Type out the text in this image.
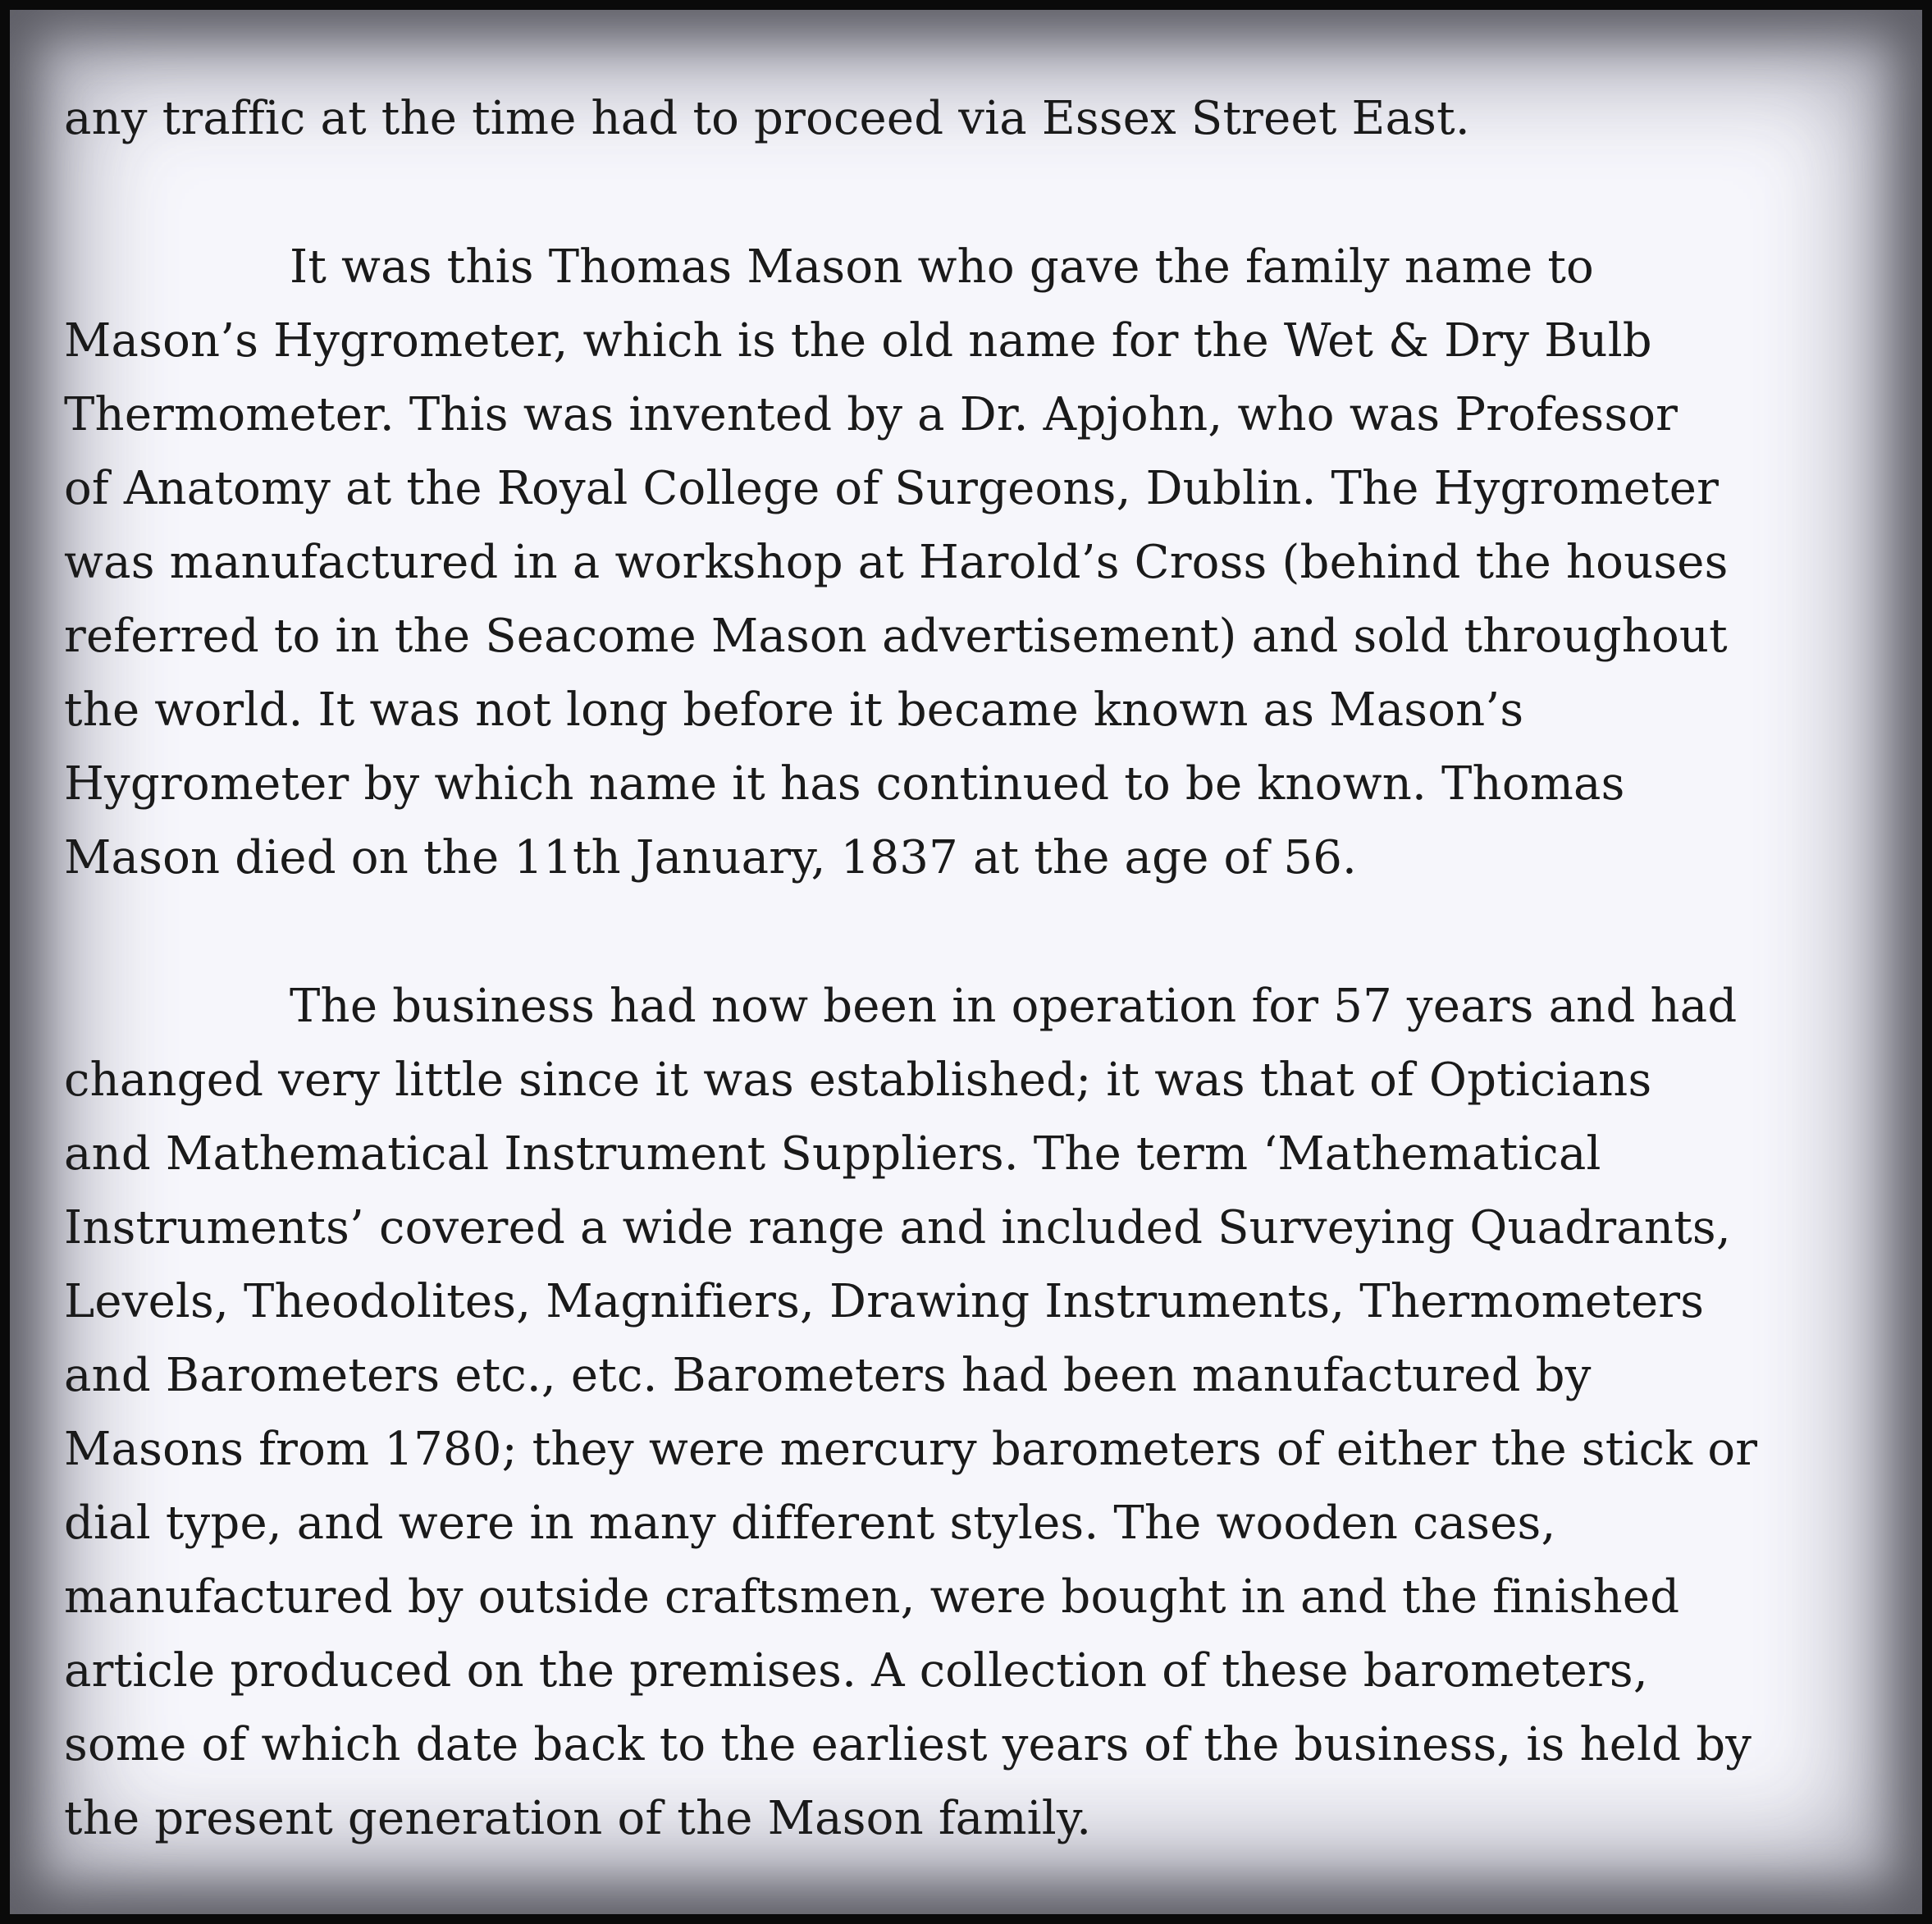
any traffic at the time had to proceed via Essex Street East.
It was this Thomas Mason who gave the family name to
Mason’s Hygrometer, which is the old name for the Wet & Dry Bulb
Thermometer. This was invented by a Dr. Apjohn, who was Professor
of Anatomy at the Royal College of Surgeons, Dublin. The Hygrometer
was manufactured in a workshop at Harold’s Cross (behind the houses
referred to in the Seacome Mason advertisement) and sold throughout
the world. It was not long before it became known as Mason’s
Hygrometer by which name it has continued to be known. Thomas
Mason died on the 11th January, 1837 at the age of 56.
The business had now been in operation for 57 years and had
changed very little since it was established; it was that of Opticians
and Mathematical Instrument Suppliers. The term ‘Mathematical
Instruments’ covered a wide range and included Surveying Quadrants,
Levels, Theodolites, Magnifiers, Drawing Instruments, Thermometers
and Barometers etc., etc. Barometers had been manufactured by
Masons from 1780; they were mercury barometers of either the stick or
dial type, and were in many different styles. The wooden cases,
manufactured by outside craftsmen, were bought in and the finished
article produced on the premises. A collection of these barometers,
some of which date back to the earliest years of the business, is held by
the present generation of the Mason family.
